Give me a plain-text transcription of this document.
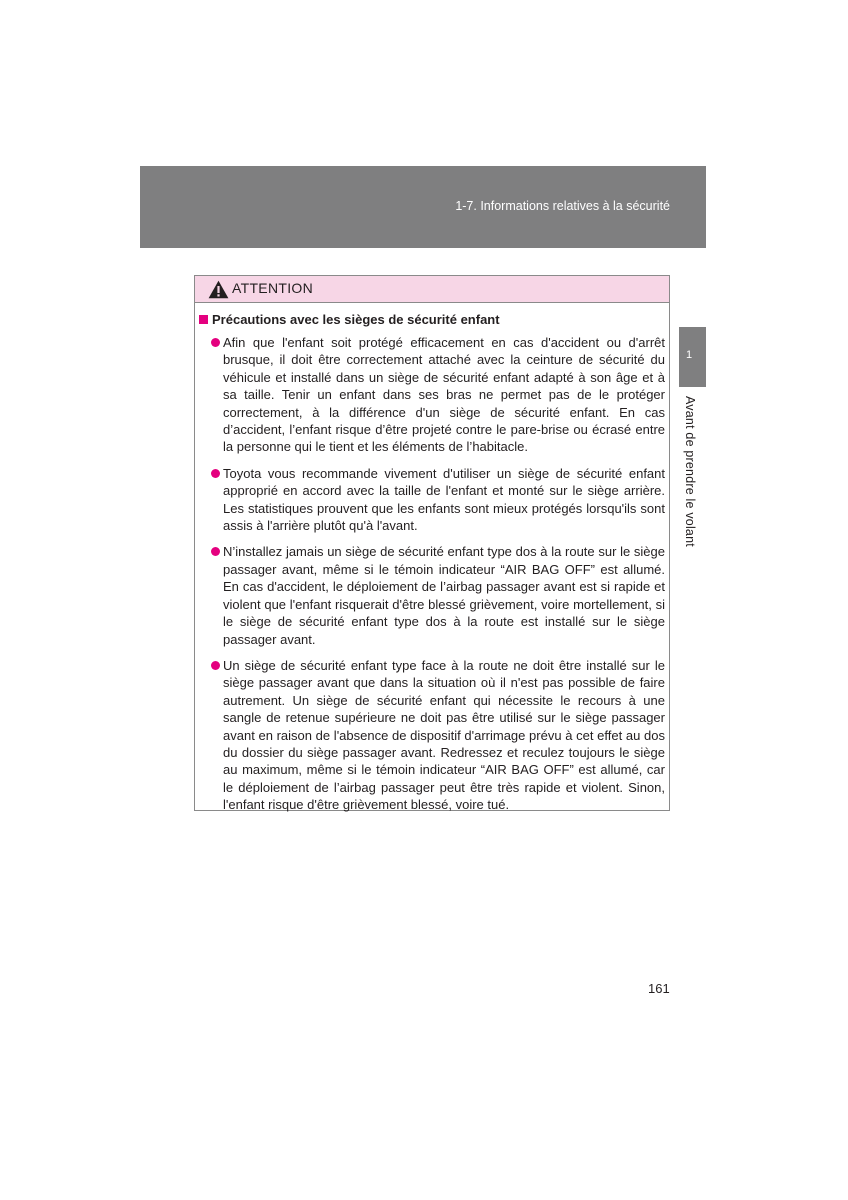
1-7. Informations relatives à la sécurité
1
Avant de prendre le volant
ATTENTION
Précautions avec les sièges de sécurité enfant
Afin que l'enfant soit protégé efficacement en cas d'accident ou d'arrêt brusque, il doit être correctement attaché avec la ceinture de sécurité du véhicule et installé dans un siège de sécurité enfant adapté à son âge et à sa taille. Tenir un enfant dans ses bras ne permet pas de le protéger correctement, à la différence d'un siège de sécurité enfant. En cas d’accident, l’enfant risque d’être projeté contre le pare-brise ou écrasé entre la personne qui le tient et les éléments de l’habitacle.
Toyota vous recommande vivement d'utiliser un siège de sécurité enfant approprié en accord avec la taille de l'enfant et monté sur le siège arrière. Les statistiques prouvent que les enfants sont mieux protégés lorsqu'ils sont assis à l'arrière plutôt qu'à l'avant.
N’installez jamais un siège de sécurité enfant type dos à la route sur le siège passager avant, même si le témoin indicateur “AIR BAG OFF” est allumé. En cas d'accident, le déploiement de l’airbag passager avant est si rapide et violent que l'enfant risquerait d'être blessé grièvement, voire mortellement, si le siège de sécurité enfant type dos à la route est installé sur le siège passager avant.
Un siège de sécurité enfant type face à la route ne doit être installé sur le siège passager avant que dans la situation où il n'est pas possible de faire autrement. Un siège de sécurité enfant qui nécessite le recours à une sangle de retenue supérieure ne doit pas être utilisé sur le siège passager avant en raison de l'absence de dispositif d'arrimage prévu à cet effet au dos du dossier du siège passager avant. Redressez et reculez toujours le siège au maximum, même si le témoin indicateur “AIR BAG OFF” est allumé, car le déploiement de l’airbag passager peut être très rapide et violent. Sinon, l'enfant risque d'être grièvement blessé, voire tué.
161
